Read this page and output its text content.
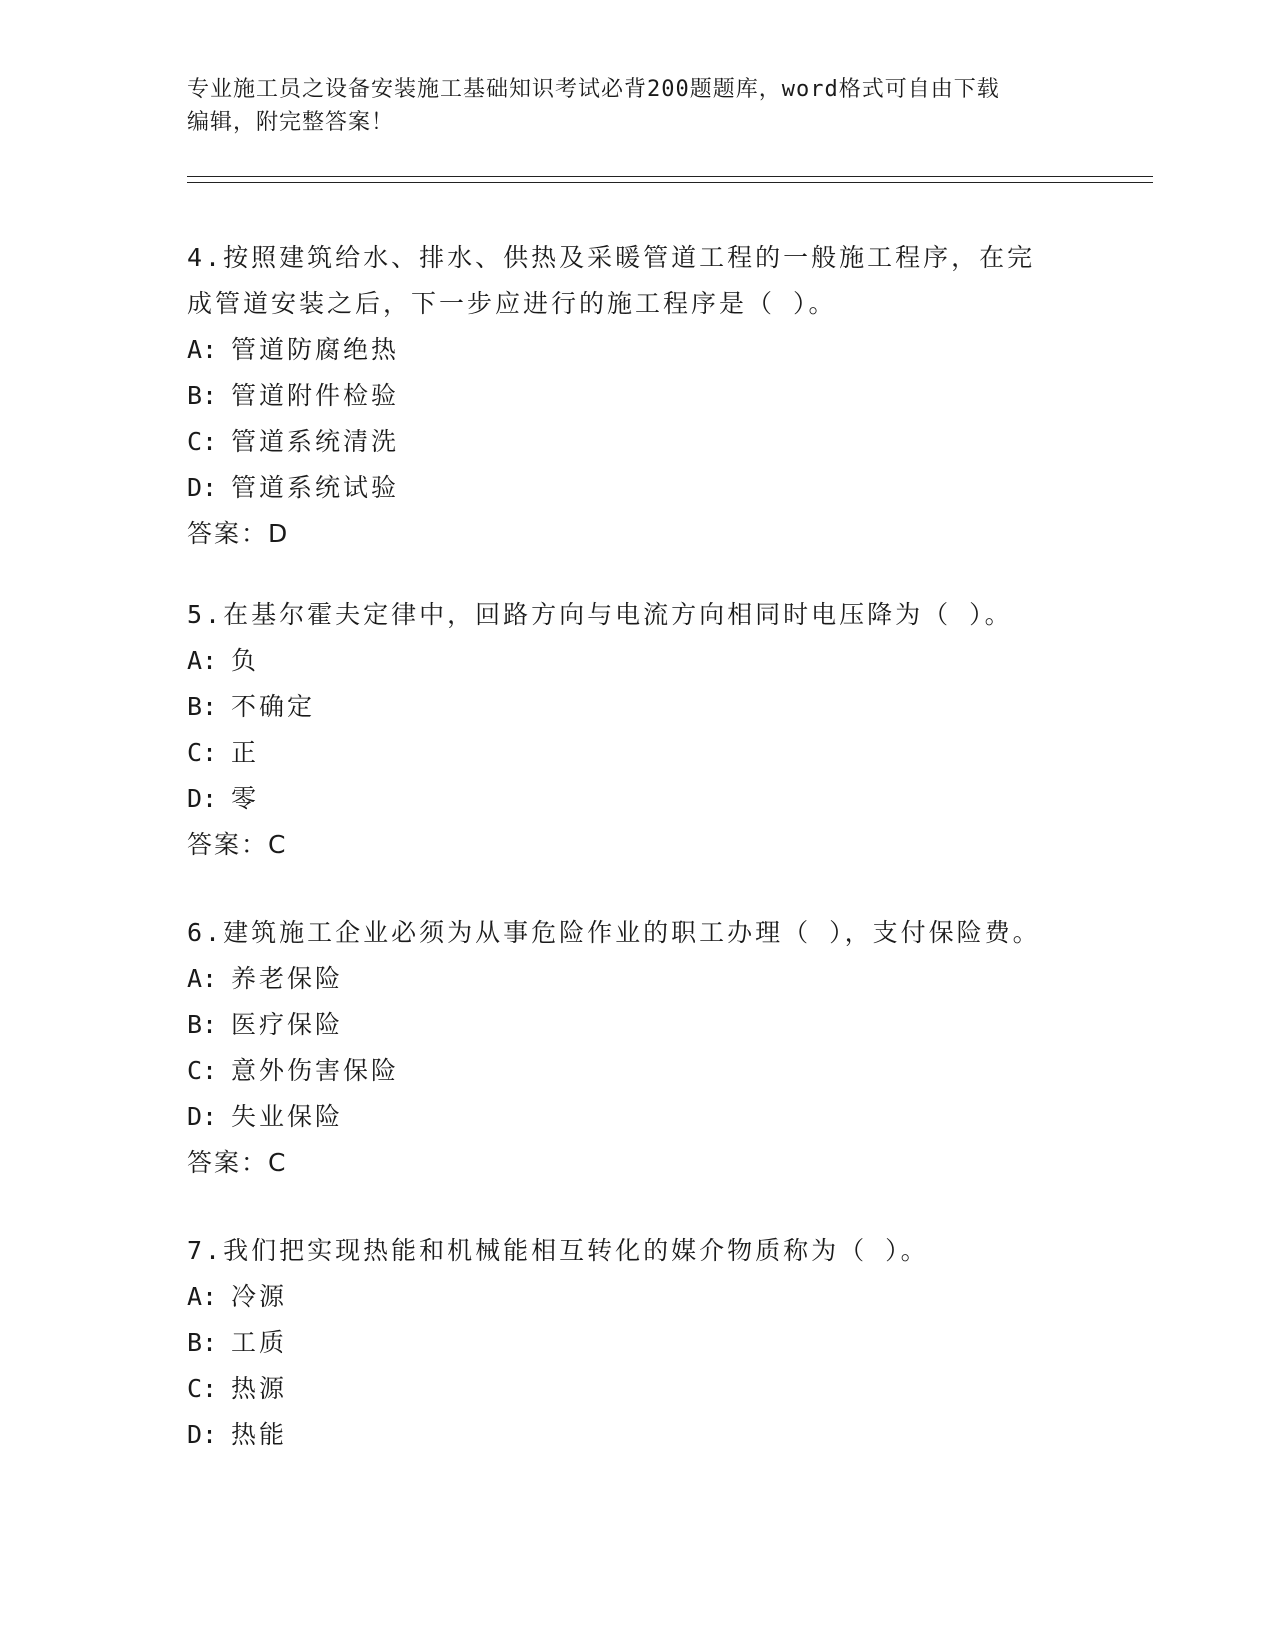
专业施工员之设备安装施工基础知识考试必背200题题库，word格式可自由下载
编辑，附完整答案！
4.按照建筑给水、排水、供热及采暖管道工程的一般施工程序，在完
成管道安装之后，下一步应进行的施工程序是（ ）。
A: 管道防腐绝热
B: 管道附件检验
C: 管道系统清洗
D: 管道系统试验
答案：D
5.在基尔霍夫定律中，回路方向与电流方向相同时电压降为（ ）。
A: 负
B: 不确定
C: 正
D: 零
答案：C
6.建筑施工企业必须为从事危险作业的职工办理（ ），支付保险费。
A: 养老保险
B: 医疗保险
C: 意外伤害保险
D: 失业保险
答案：C
7.我们把实现热能和机械能相互转化的媒介物质称为（ ）。
A: 冷源
B: 工质
C: 热源
D: 热能
